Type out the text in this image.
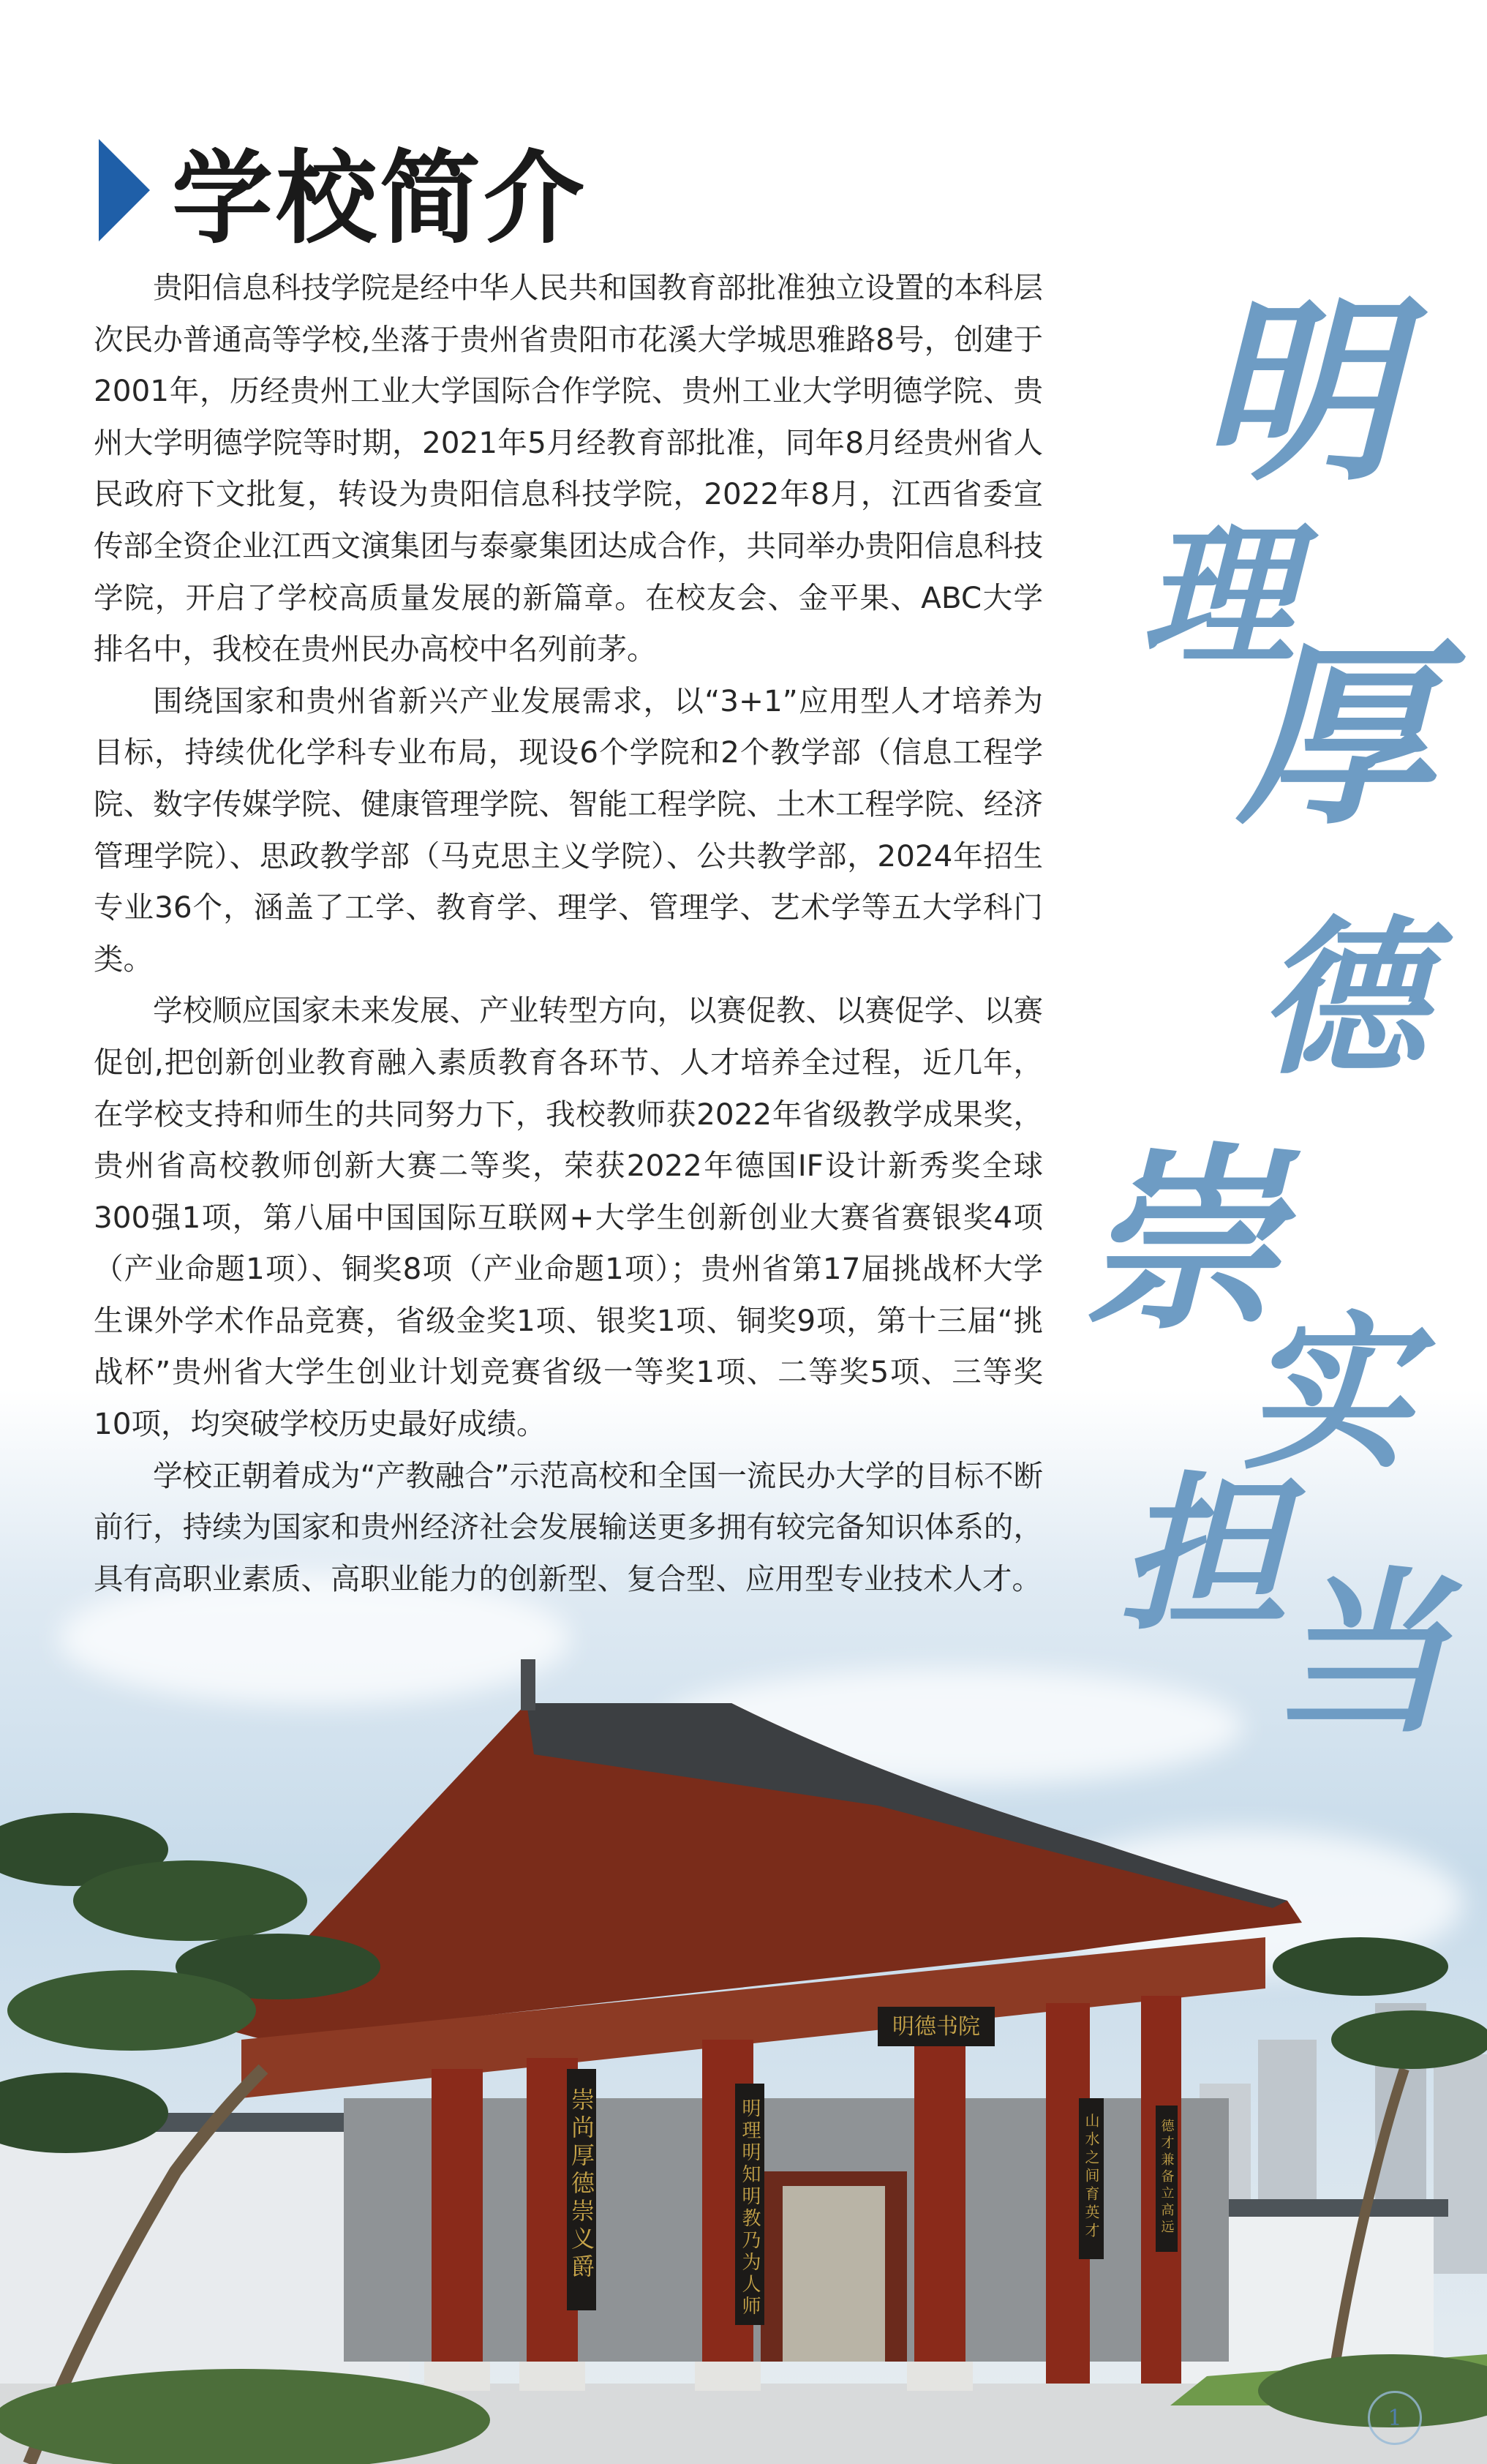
学校简介

贵阳信息科技学院是经中华人民共和国教育部批准独立设置的本科层次民办普通高等学校,坐落于贵州省贵阳市花溪大学城思雅路8号，创建于2001年，历经贵州工业大学国际合作学院、贵州工业大学明德学院、贵州大学明德学院等时期，2021年5月经教育部批准，同年8月经贵州省人民政府下文批复，转设为贵阳信息科技学院，2022年8月，江西省委宣传部全资企业江西文演集团与泰豪集团达成合作，共同举办贵阳信息科技学院，开启了学校高质量发展的新篇章。在校友会、金平果、ABC大学排名中，我校在贵州民办高校中名列前茅。

围绕国家和贵州省新兴产业发展需求，以“3+1”应用型人才培养为目标，持续优化学科专业布局，现设6个学院和2个教学部（信息工程学院、数字传媒学院、健康管理学院、智能工程学院、土木工程学院、经济管理学院）、思政教学部（马克思主义学院）、公共教学部，2024年招生专业36个，涵盖了工学、教育学、理学、管理学、艺术学等五大学科门类。

学校顺应国家未来发展、产业转型方向，以赛促教、以赛促学、以赛促创,把创新创业教育融入素质教育各环节、人才培养全过程，近几年，在学校支持和师生的共同努力下，我校教师获2022年省级教学成果奖，贵州省高校教师创新大赛二等奖，荣获2022年德国IF设计新秀奖全球300强1项，第八届中国国际互联网+大学生创新创业大赛省赛银奖4项（产业命题1项）、铜奖8项（产业命题1项）；贵州省第17届挑战杯大学生课外学术作品竞赛，省级金奖1项、银奖1项、铜奖9项，第十三届“挑战杯”贵州省大学生创业计划竞赛省级一等奖1项、二等奖5项、三等奖10项，均突破学校历史最好成绩。

学校正朝着成为“产教融合”示范高校和全国一流民办大学的目标不断前行，持续为国家和贵州经济社会发展输送更多拥有较完备知识体系的，具有高职业素质、高职业能力的创新型、复合型、应用型专业技术人才。

明
理
厚
德
崇
实
担
当
明德书院
崇尚厚德崇义爵	明理明知明教乃为人师	山水之间育英才	德才兼备立高远
1
